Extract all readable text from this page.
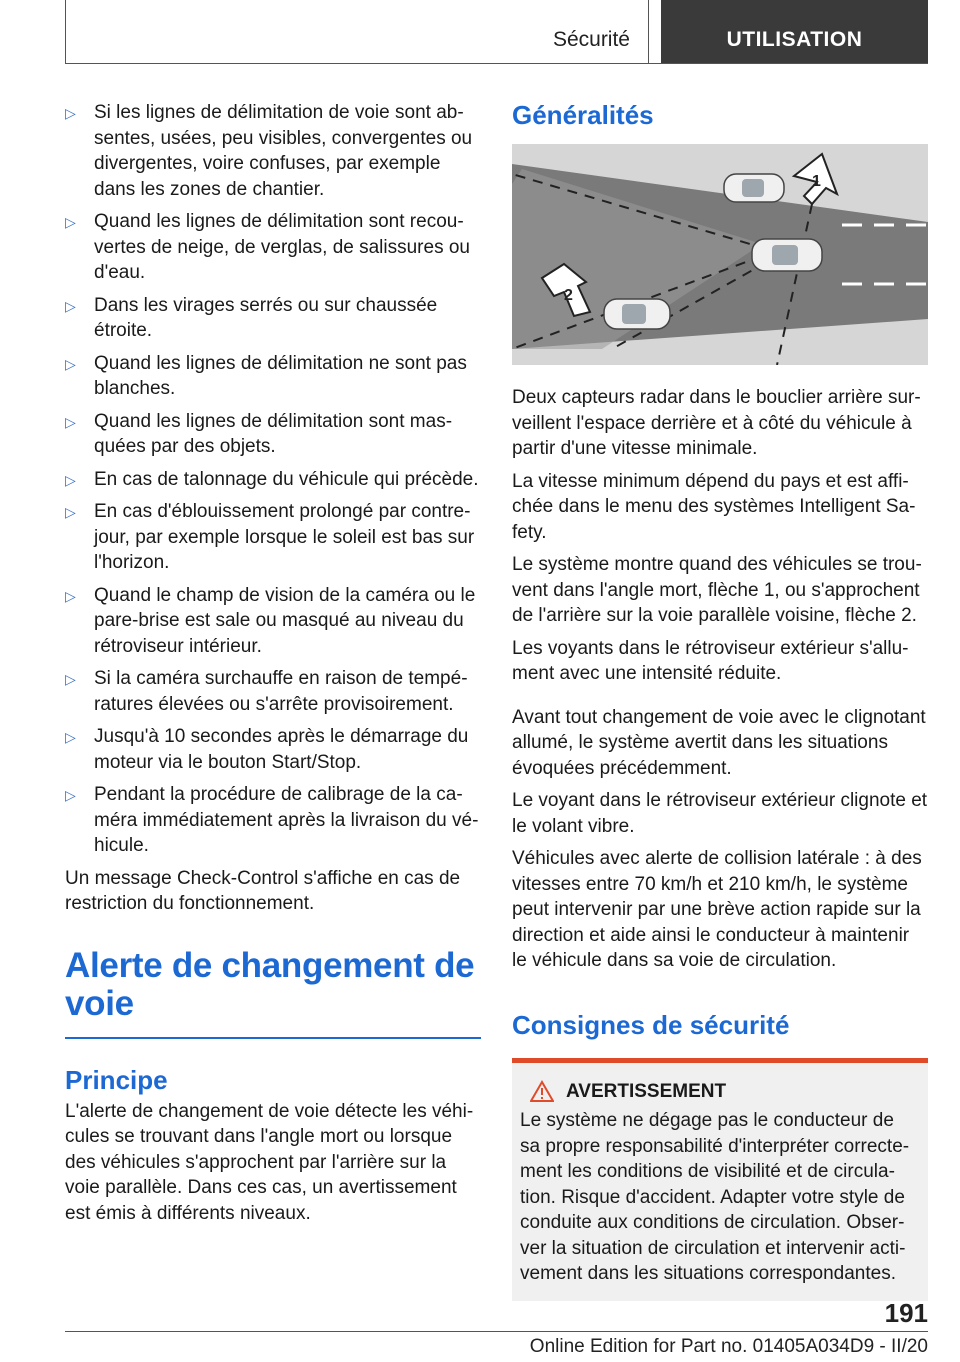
Sécurité	UTILISATION
▷ Si les lignes de délimitation de voie sont absentes, usées, peu visibles, convergentes ou divergentes, voire confuses, par exemple dans les zones de chantier.
▷ Quand les lignes de délimitation sont recouvertes de neige, de verglas, de salissures ou d'eau.
▷ Dans les virages serrés ou sur chaussée étroite.
▷ Quand les lignes de délimitation ne sont pas blanches.
▷ Quand les lignes de délimitation sont masquées par des objets.
▷ En cas de talonnage du véhicule qui précède.
▷ En cas d'éblouissement prolongé par contre-jour, par exemple lorsque le soleil est bas sur l'horizon.
▷ Quand le champ de vision de la caméra ou le pare-brise est sale ou masqué au niveau du rétroviseur intérieur.
▷ Si la caméra surchauffe en raison de températures élevées ou s'arrête provisoirement.
▷ Jusqu'à 10 secondes après le démarrage du moteur via le bouton Start/Stop.
▷ Pendant la procédure de calibrage de la caméra immédiatement après la livraison du véhicule.

Un message Check-Control s'affiche en cas de restriction du fonctionnement.

Alerte de changement de voie
Principe

L'alerte de changement de voie détecte les véhicules se trouvant dans l'angle mort ou lorsque des véhicules s'approchent par l'arrière sur la voie parallèle. Dans ces cas, un avertissement est émis à différents niveaux.

Généralités
1
2

Deux capteurs radar dans le bouclier arrière surveillent l'espace derrière et à côté du véhicule à partir d'une vitesse minimale.

La vitesse minimum dépend du pays et est affichée dans le menu des systèmes Intelligent Safety.

Le système montre quand des véhicules se trouvent dans l'angle mort, flèche 1, ou s'approchent de l'arrière sur la voie parallèle voisine, flèche 2.

Les voyants dans le rétroviseur extérieur s'allument avec une intensité réduite.

Avant tout changement de voie avec le clignotant allumé, le système avertit dans les situations évoquées précédemment.

Le voyant dans le rétroviseur extérieur clignote et le volant vibre.

Véhicules avec alerte de collision latérale : à des vitesses entre 70 km/h et 210 km/h, le système peut intervenir par une brève action rapide sur la direction et aide ainsi le conducteur à maintenir le véhicule dans sa voie de circulation.

Consignes de sécurité
AVERTISSEMENT
Le système ne dégage pas le conducteur de sa propre responsabilité d'interpréter correctement les conditions de visibilité et de circulation. Risque d'accident. Adapter votre style de conduite aux conditions de circulation. Observer la situation de circulation et intervenir activement dans les situations correspondantes.
191
Online Edition for Part no. 01405A034D9 - II/20
